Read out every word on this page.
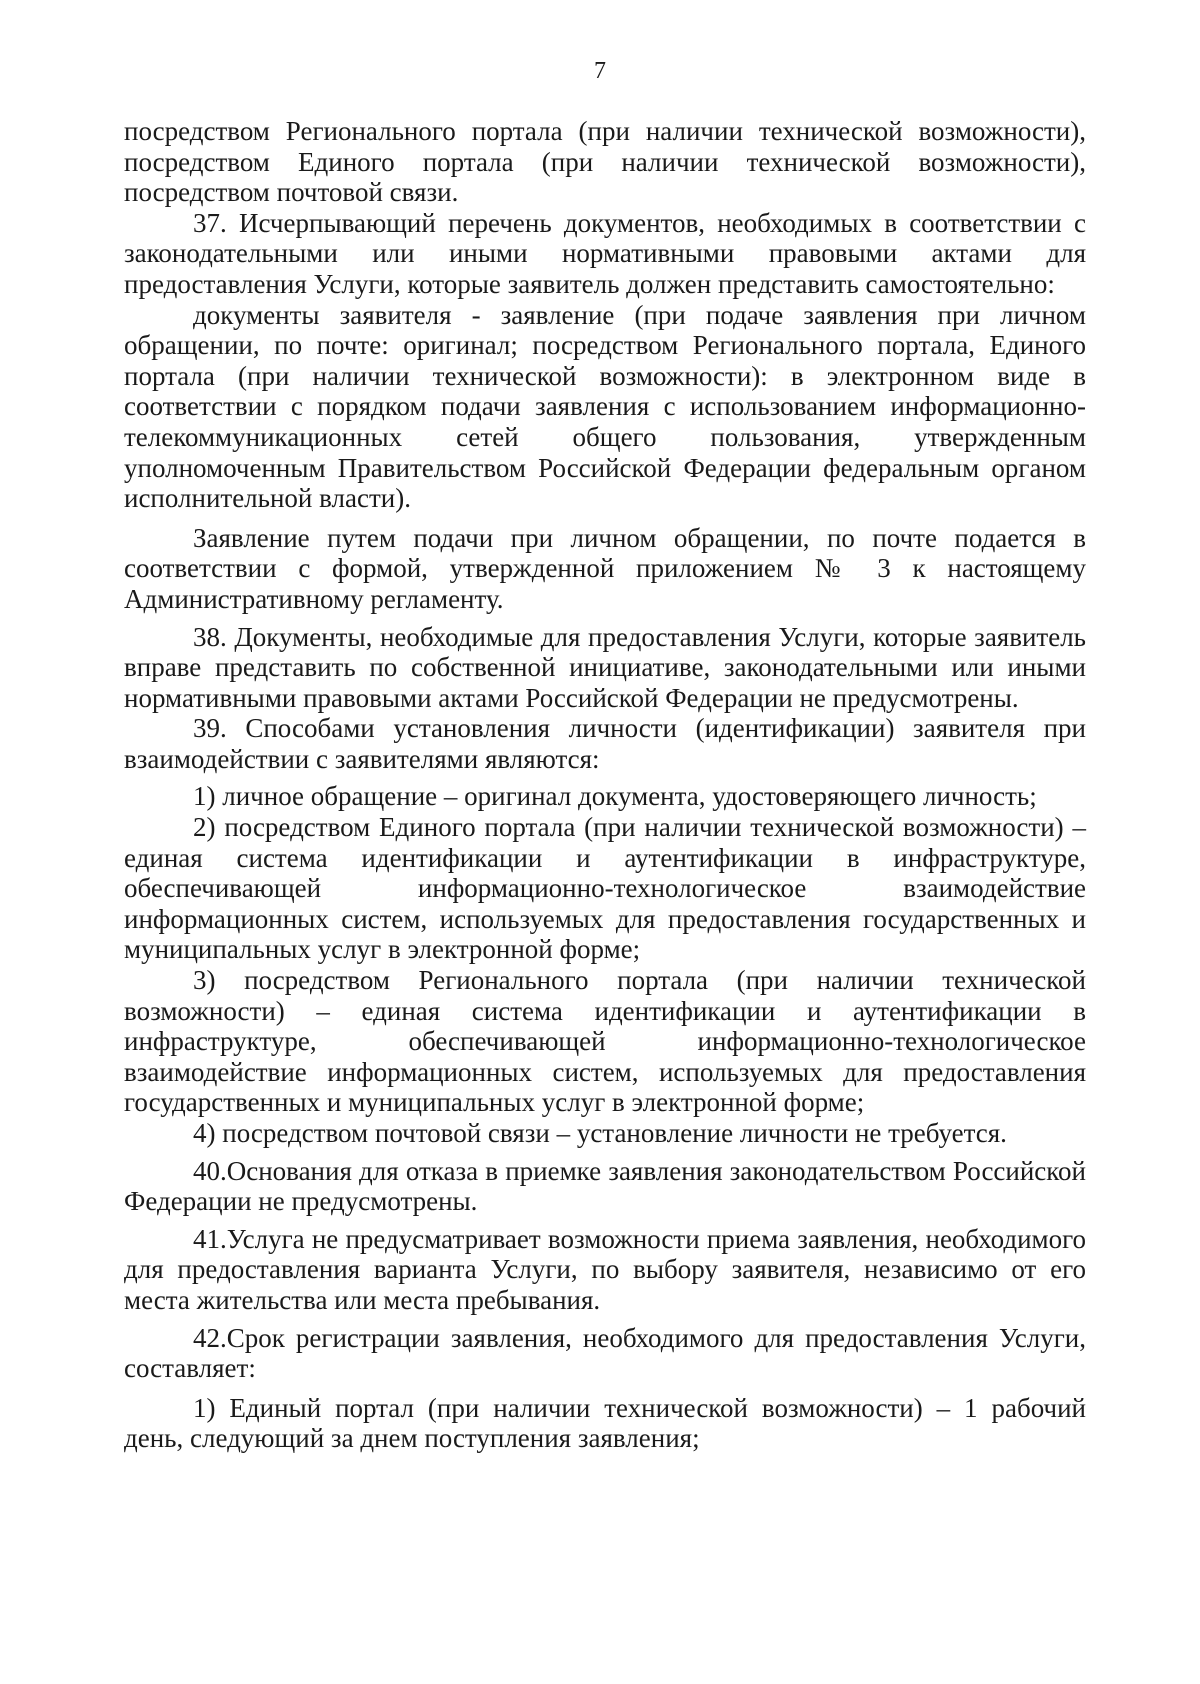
7

посредством Регионального портала (при наличии технической возможности), посредством Единого портала (при наличии технической возможности), посредством почтовой связи.

37. Исчерпывающий перечень документов, необходимых в соответствии с законодательными или иными нормативными правовыми актами для предоставления Услуги, которые заявитель должен представить самостоятельно:

документы заявителя - заявление (при подаче заявления при личном обращении, по почте: оригинал; посредством Регионального портала, Единого портала (при наличии технической возможности): в электронном виде в соответствии с порядком подачи заявления с использованием информационно-телекоммуникационных сетей общего пользования, утвержденным уполномоченным Правительством Российской Федерации федеральным органом исполнительной власти).

Заявление путем подачи при личном обращении, по почте подается в соответствии с формой, утвержденной приложением № 3 к настоящему Административному регламенту.

38. Документы, необходимые для предоставления Услуги, которые заявитель вправе представить по собственной инициативе, законодательными или иными нормативными правовыми актами Российской Федерации не предусмотрены.

39. Способами установления личности (идентификации) заявителя при взаимодействии с заявителями являются:

1) личное обращение – оригинал документа, удостоверяющего личность;

2) посредством Единого портала (при наличии технической возможности) – единая система идентификации и аутентификации в инфраструктуре, обеспечивающей информационно-технологическое взаимодействие информационных систем, используемых для предоставления государственных и муниципальных услуг в электронной форме;

3) посредством Регионального портала (при наличии технической возможности) – единая система идентификации и аутентификации в инфраструктуре, обеспечивающей информационно-технологическое взаимодействие информационных систем, используемых для предоставления государственных и муниципальных услуг в электронной форме;

4) посредством почтовой связи – установление личности не требуется.

40.Основания для отказа в приемке заявления законодательством Российской Федерации не предусмотрены.

41.Услуга не предусматривает возможности приема заявления, необходимого для предоставления варианта Услуги, по выбору заявителя, независимо от его места жительства или места пребывания.

42.Срок регистрации заявления, необходимого для предоставления Услуги, составляет:

1) Единый портал (при наличии технической возможности) – 1 рабочий день, следующий за днем поступления заявления;
